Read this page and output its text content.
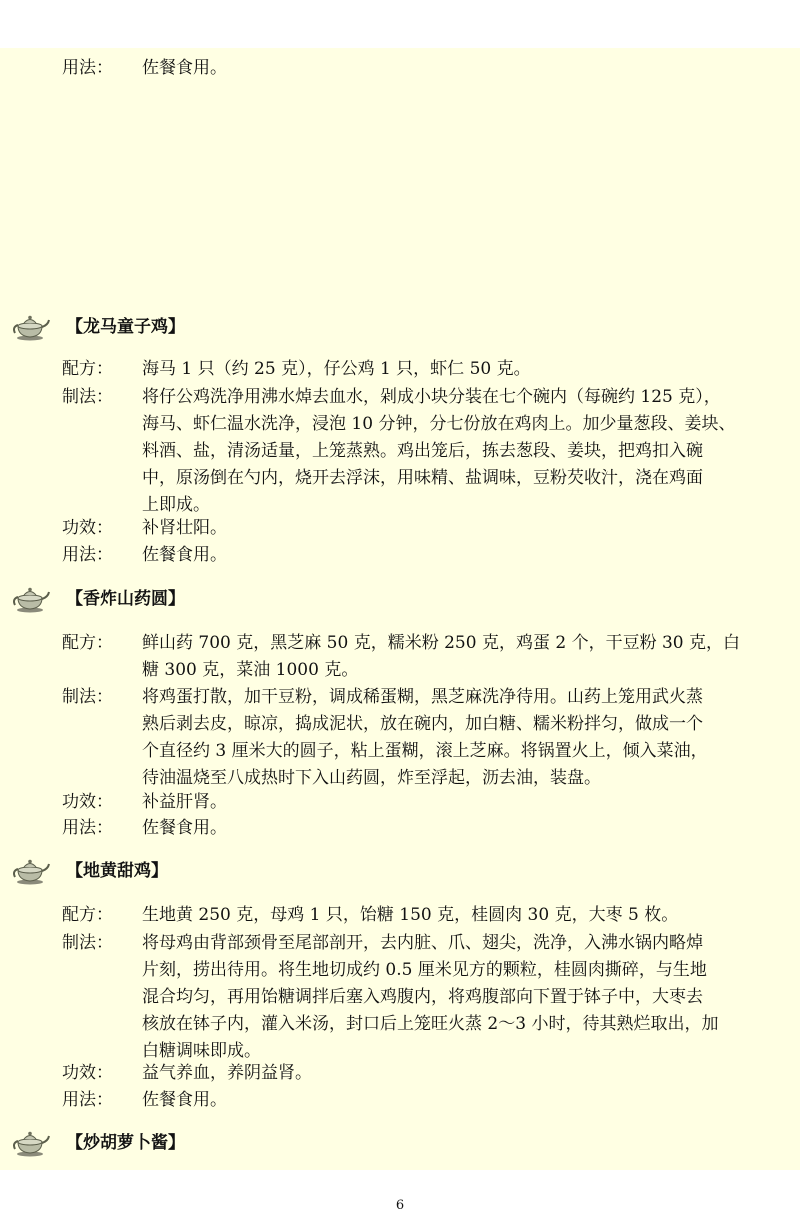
用法： 佐餐食用。
【龙马童子鸡】
配方： 海马 1 只（约 25 克），仔公鸡 1 只，虾仁 50 克。
制法： 将仔公鸡洗净用沸水焯去血水，剁成小块分装在七个碗内（每碗约 125 克），
海马、虾仁温水洗净，浸泡 10 分钟，分七份放在鸡肉上。加少量葱段、姜块、
料酒、盐，清汤适量，上笼蒸熟。鸡出笼后，拣去葱段、姜块，把鸡扣入碗
中，原汤倒在勺内，烧开去浮沫，用味精、盐调味，豆粉芡收汁，浇在鸡面
上即成。
功效： 补肾壮阳。
用法： 佐餐食用。
【香炸山药圆】
配方： 鲜山药 700 克，黑芝麻 50 克，糯米粉 250 克，鸡蛋 2 个，干豆粉 30 克，白
糖 300 克，菜油 1000 克。
制法： 将鸡蛋打散，加干豆粉，调成稀蛋糊，黑芝麻洗净待用。山药上笼用武火蒸
熟后剥去皮，晾凉，捣成泥状，放在碗内，加白糖、糯米粉拌匀，做成一个
个直径约 3 厘米大的圆子，粘上蛋糊，滚上芝麻。将锅置火上，倾入菜油，
待油温烧至八成热时下入山药圆，炸至浮起，沥去油，装盘。
功效： 补益肝肾。
用法： 佐餐食用。
【地黄甜鸡】
配方： 生地黄 250 克，母鸡 1 只，饴糖 150 克，桂圆肉 30 克，大枣 5 枚。
制法： 将母鸡由背部颈骨至尾部剖开，去内脏、爪、翅尖，洗净，入沸水锅内略焯
片刻，捞出待用。将生地切成约 0.5 厘米见方的颗粒，桂圆肉撕碎，与生地
混合均匀，再用饴糖调拌后塞入鸡腹内，将鸡腹部向下置于钵子中，大枣去
核放在钵子内，灌入米汤，封口后上笼旺火蒸 2～3 小时，待其熟烂取出，加
白糖调味即成。
功效： 益气养血，养阴益肾。
用法： 佐餐食用。
【炒胡萝卜酱】
6
